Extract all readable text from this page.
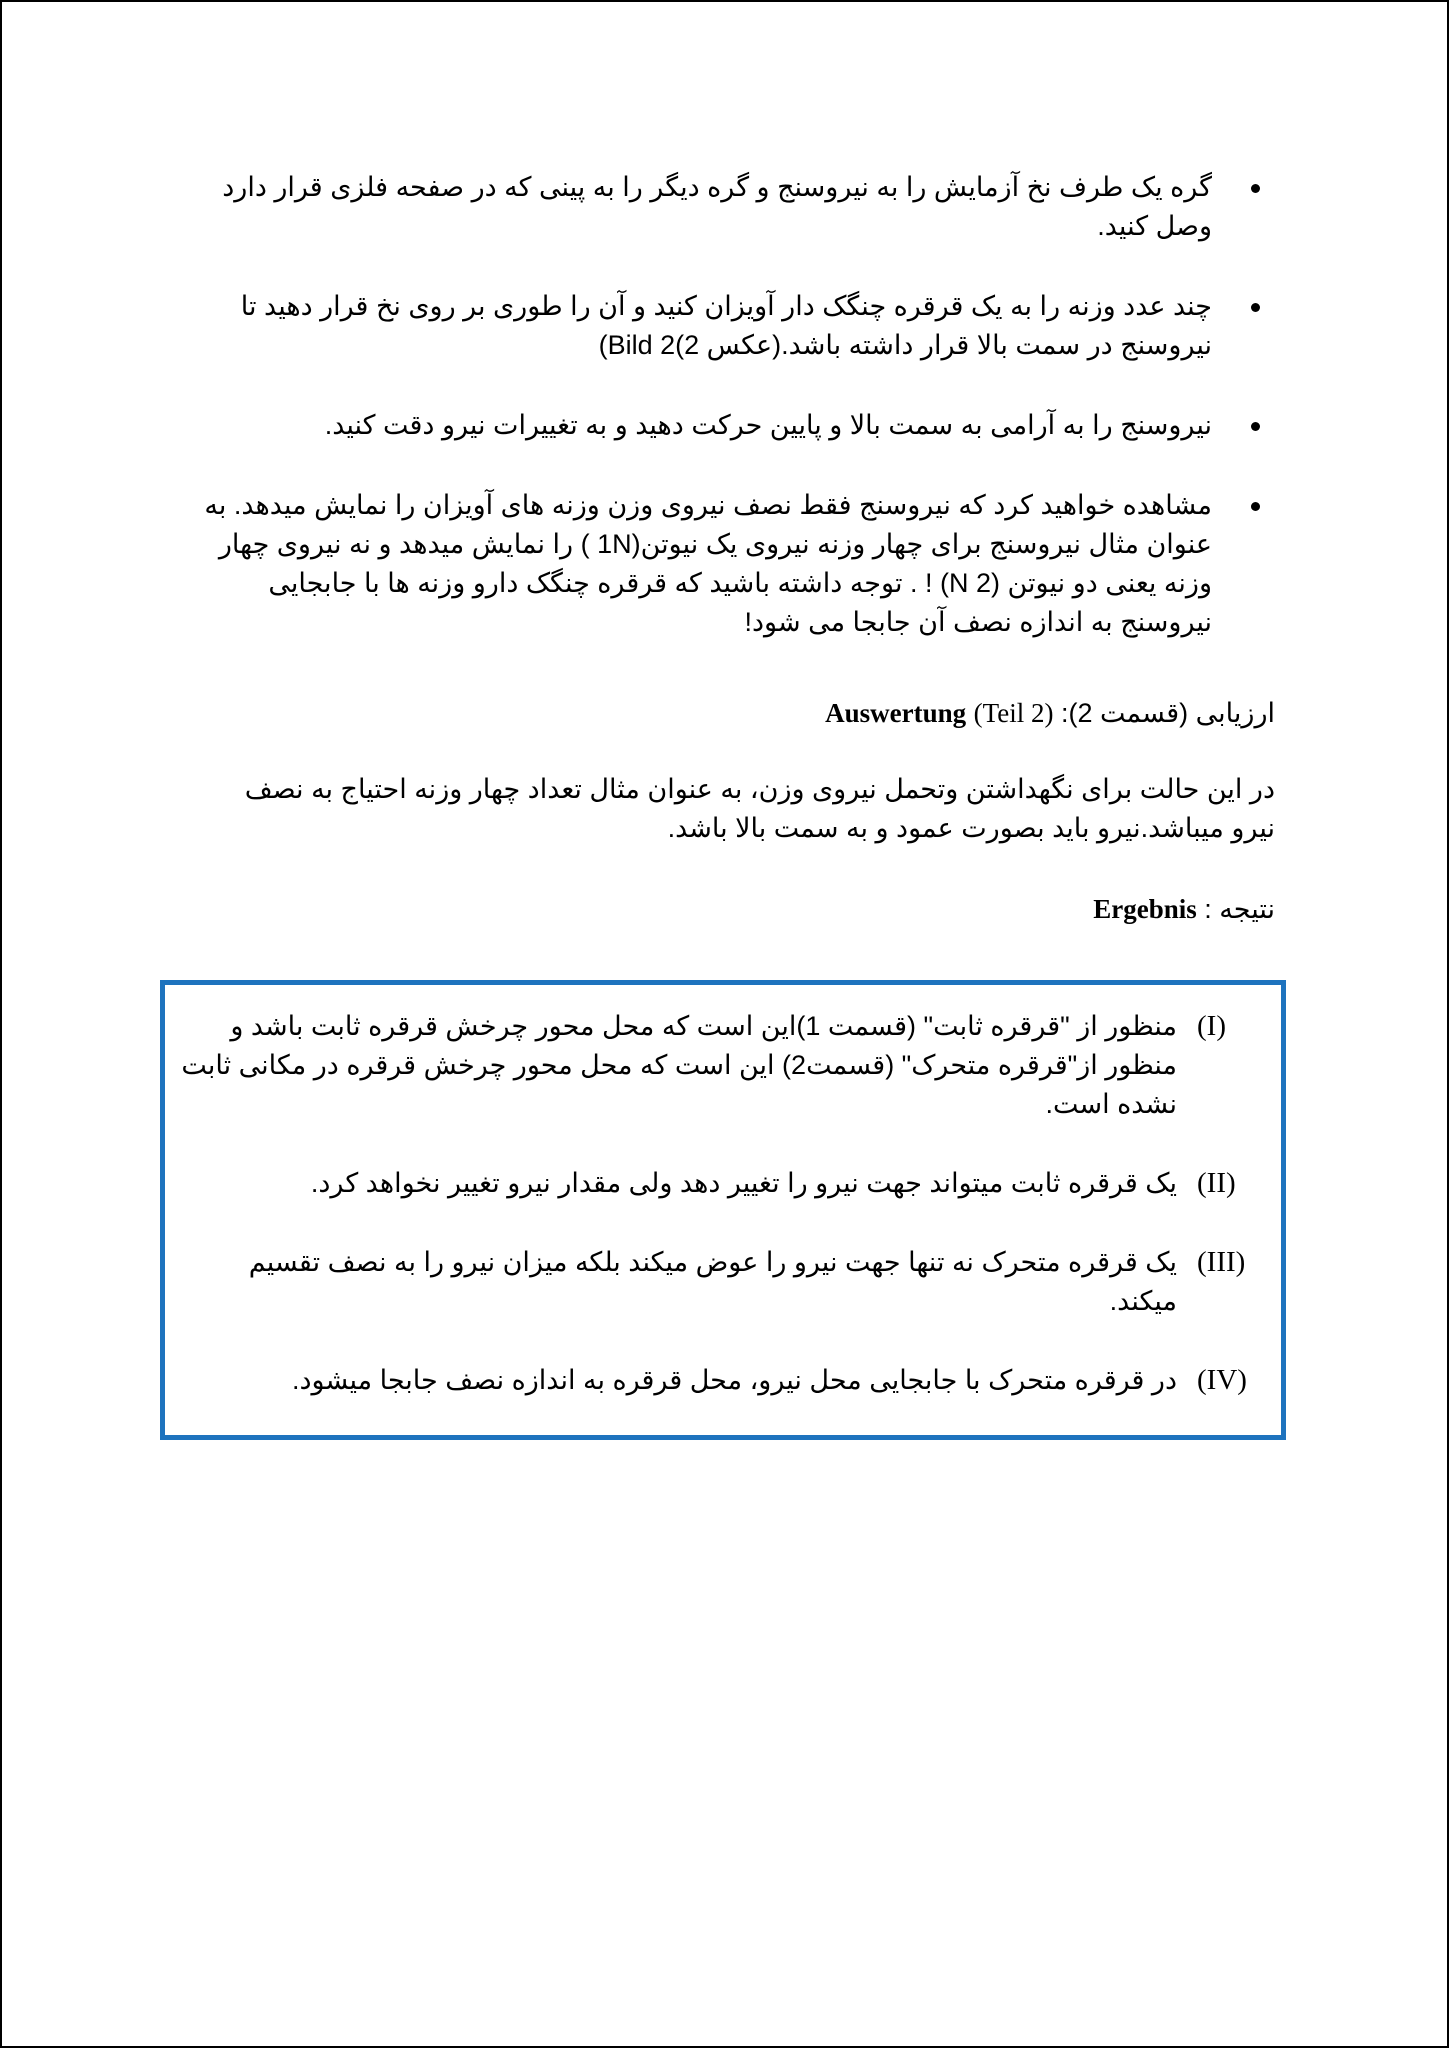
گره یک طرف نخ آزمایش را به نیروسنج و گره دیگر را به پینی که در صفحه فلزی قرار دارد وصل کنید.
چند عدد وزنه را به یک قرقره چنگک دار آویزان کنید و آن را طوری بر روی نخ قرار دهید تا نیروسنج در سمت بالا قرار داشته باشد.(عکس 2)Bild 2)
نیروسنج را به آرامی به سمت بالا و پایین حرکت دهید و به تغییرات نیرو دقت کنید.
مشاهده خواهید کرد که نیروسنج فقط نصف نیروی وزن وزنه های آویزان را نمایش میدهد. به عنوان مثال نیروسنج برای چهار وزنه نیروی یک نیوتن(1N ) را نمایش میدهد و نه نیروی چهار وزنه یعنی دو نیوتن (2 N) ! . توجه داشته باشید که قرقره چنگک دارو وزنه ها با جابجایی نیروسنج به اندازه نصف آن جابجا می شود!
ارزیابی (قسمت 2): (Teil 2) Auswertung
در این حالت برای نگهداشتن وتحمل نیروی وزن، به عنوان مثال تعداد چهار وزنه احتیاج به نصف نیرو میباشد.نیرو باید بصورت عمود و به سمت بالا باشد.
نتیجه : Ergebnis
(I)
منظور از "قرقره ثابت" (قسمت 1)این است که محل محور چرخش قرقره ثابت باشد و منظور از"قرقره متحرک" (قسمت2) این است که محل محور چرخش قرقره در مکانی ثابت نشده است.
(II)
یک قرقره ثابت میتواند جهت نیرو را تغییر دهد ولی مقدار نیرو تغییر نخواهد کرد.
(III)
یک قرقره متحرک نه تنها جهت نیرو را عوض میکند بلکه میزان نیرو را به نصف تقسیم میکند.
(IV)
در قرقره متحرک با جابجایی محل نیرو، محل قرقره به اندازه نصف جابجا میشود.
